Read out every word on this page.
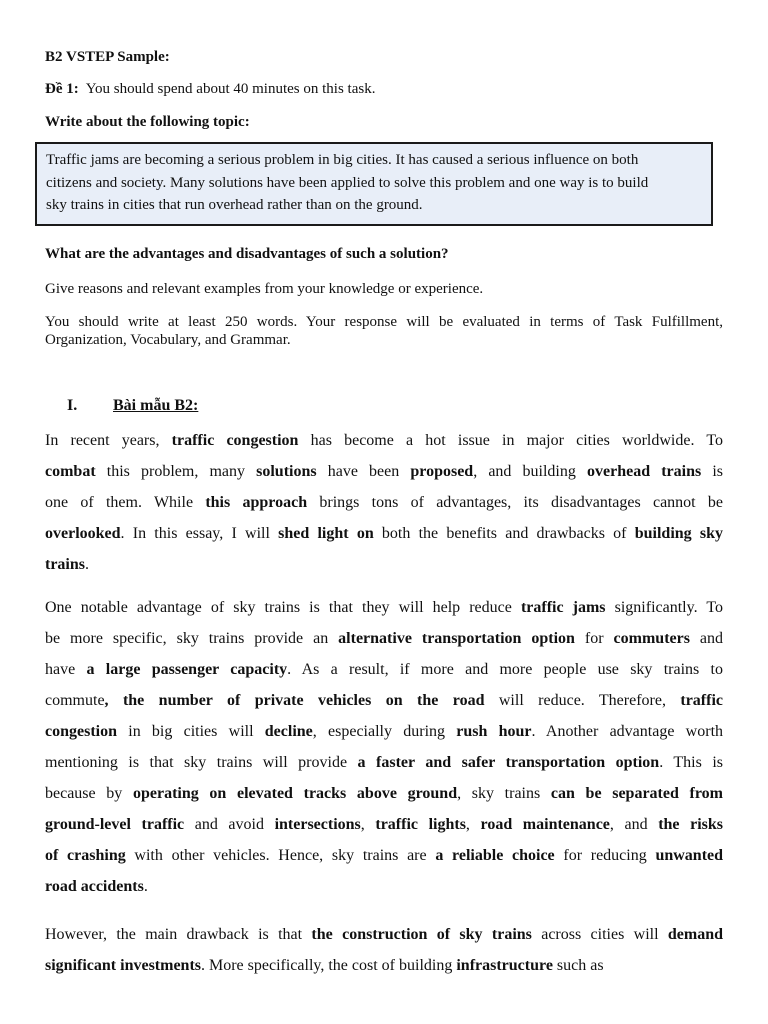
B2 VSTEP Sample:
Đề 1: You should spend about 40 minutes on this task.
Write about the following topic:
Traffic jams are becoming a serious problem in big cities. It has caused a serious influence on both
citizens and society. Many solutions have been applied to solve this problem and one way is to build
sky trains in cities that run overhead rather than on the ground.
What are the advantages and disadvantages of such a solution?
Give reasons and relevant examples from your knowledge or experience.
You should write at least 250 words. Your response will be evaluated in terms of Task Fulfillment,
Organization, Vocabulary, and Grammar.
I. Bài mẫu B2:
In recent years, traffic congestion has become a hot issue in major cities worldwide. To
combat this problem, many solutions have been proposed, and building overhead trains is
one of them. While this approach brings tons of advantages, its disadvantages cannot be
overlooked. In this essay, I will shed light on both the benefits and drawbacks of building sky
trains.
One notable advantage of sky trains is that they will help reduce traffic jams significantly. To
be more specific, sky trains provide an alternative transportation option for commuters and
have a large passenger capacity. As a result, if more and more people use sky trains to
commute, the number of private vehicles on the road will reduce. Therefore, traffic
congestion in big cities will decline, especially during rush hour. Another advantage worth
mentioning is that sky trains will provide a faster and safer transportation option. This is
because by operating on elevated tracks above ground, sky trains can be separated from
ground-level traffic and avoid intersections, traffic lights, road maintenance, and the risks
of crashing with other vehicles. Hence, sky trains are a reliable choice for reducing unwanted
road accidents.
However, the main drawback is that the construction of sky trains across cities will demand
significant investments. More specifically, the cost of building infrastructure such as
